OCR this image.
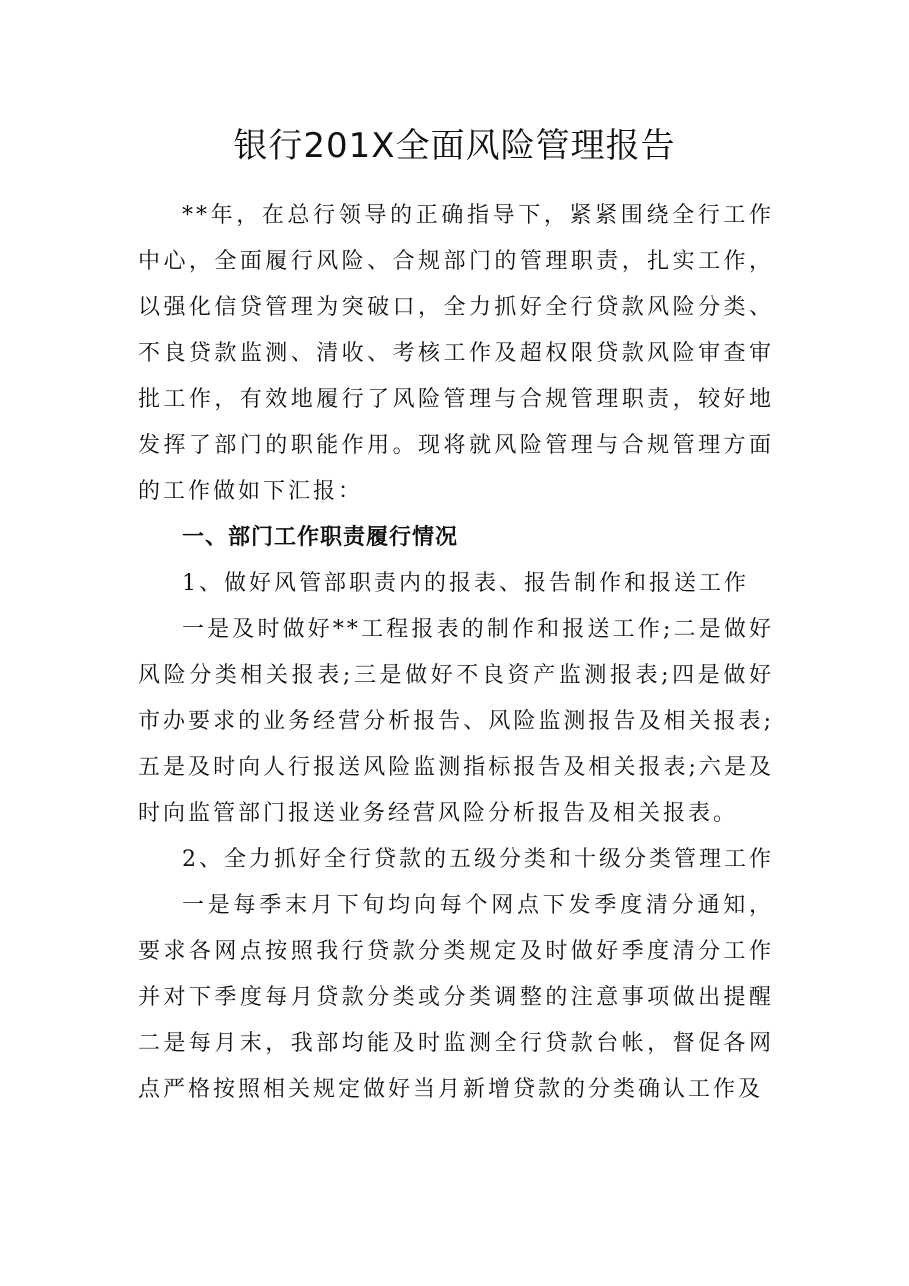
银行201X全面风险管理报告

**年，在总行领导的正确指导下，紧紧围绕全行工作中心，全面履行风险、合规部门的管理职责，扎实工作，以强化信贷管理为突破口，全力抓好全行贷款风险分类、不良贷款监测、清收、考核工作及超权限贷款风险审查审批工作，有效地履行了风险管理与合规管理职责，较好地发挥了部门的职能作用。现将就风险管理与合规管理方面的工作做如下汇报：

一、部门工作职责履行情况

1、做好风管部职责内的报表、报告制作和报送工作

一是及时做好**工程报表的制作和报送工作;二是做好风险分类相关报表;三是做好不良资产监测报表;四是做好市办要求的业务经营分析报告、风险监测报告及相关报表;五是及时向人行报送风险监测指标报告及相关报表;六是及时向监管部门报送业务经营风险分析报告及相关报表。

2、全力抓好全行贷款的五级分类和十级分类管理工作

一是每季末月下旬均向每个网点下发季度清分通知，要求各网点按照我行贷款分类规定及时做好季度清分工作并对下季度每月贷款分类或分类调整的注意事项做出提醒二是每月末，我部均能及时监测全行贷款台帐，督促各网点严格按照相关规定做好当月新增贷款的分类确认工作及
